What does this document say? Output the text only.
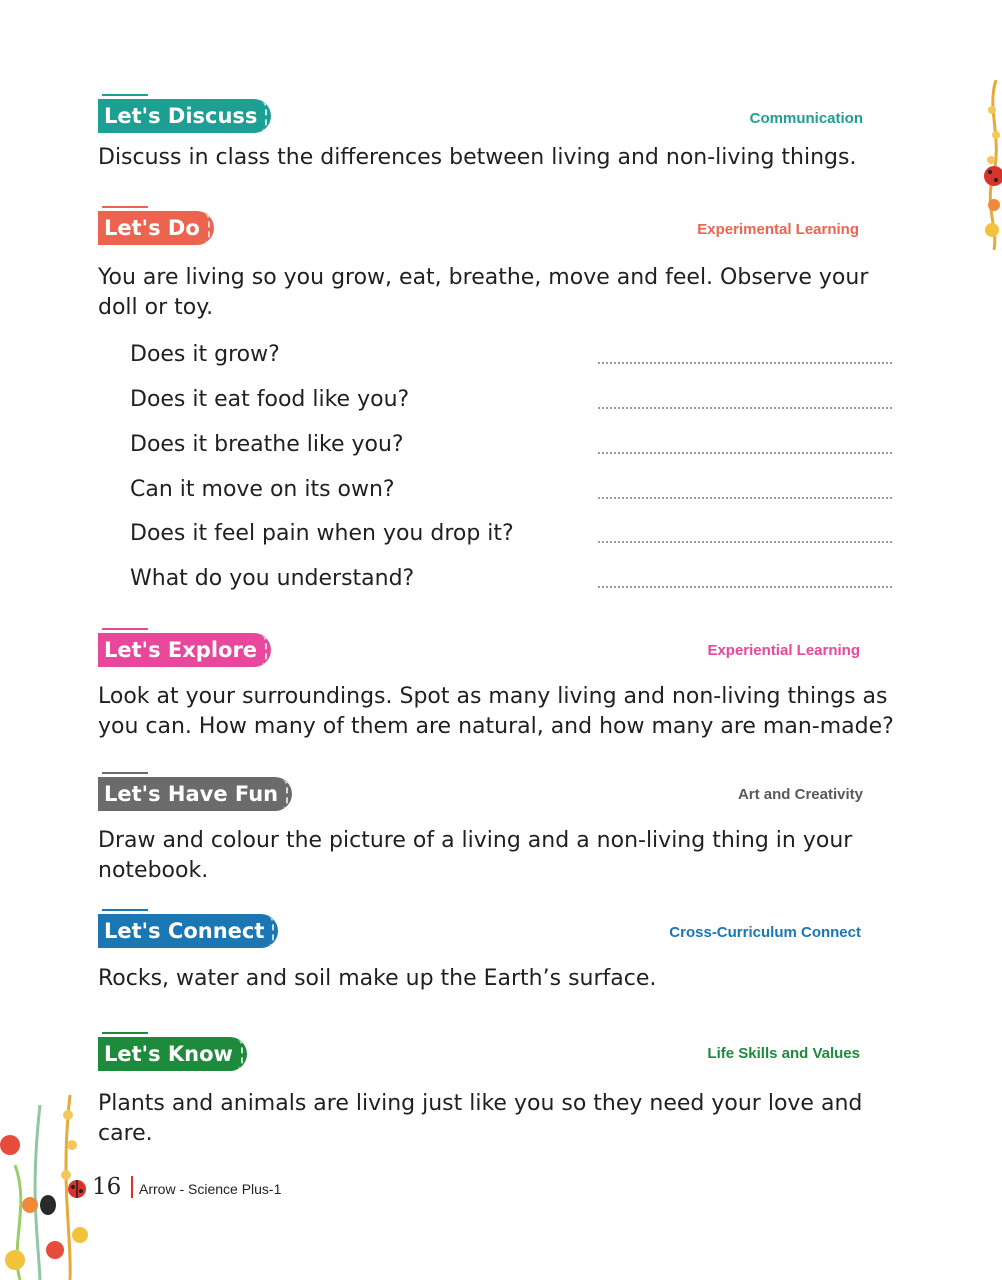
Let's Discuss	Communication

Discuss in class the differences between living and non-living things.

Let's Do	Experimental Learning

You are living so you grow, eat, breathe, move and feel. Observe your doll or toy.

Does it grow?
Does it eat food like you?
Does it breathe like you?
Can it move on its own?
Does it feel pain when you drop it?
What do you understand?
Let's Explore	Experiential Learning

Look at your surroundings. Spot as many living and non-living things as you can. How many of them are natural, and how many are man-made?

Let's Have Fun	Art and Creativity

Draw and colour the picture of a living and a non-living thing in your notebook.

Let's Connect	Cross-Curriculum Connect

Rocks, water and soil make up the Earth’s surface.

Let's Know	Life Skills and Values

Plants and animals are living just like you so they need your love and care.

16 Arrow - Science Plus-1
